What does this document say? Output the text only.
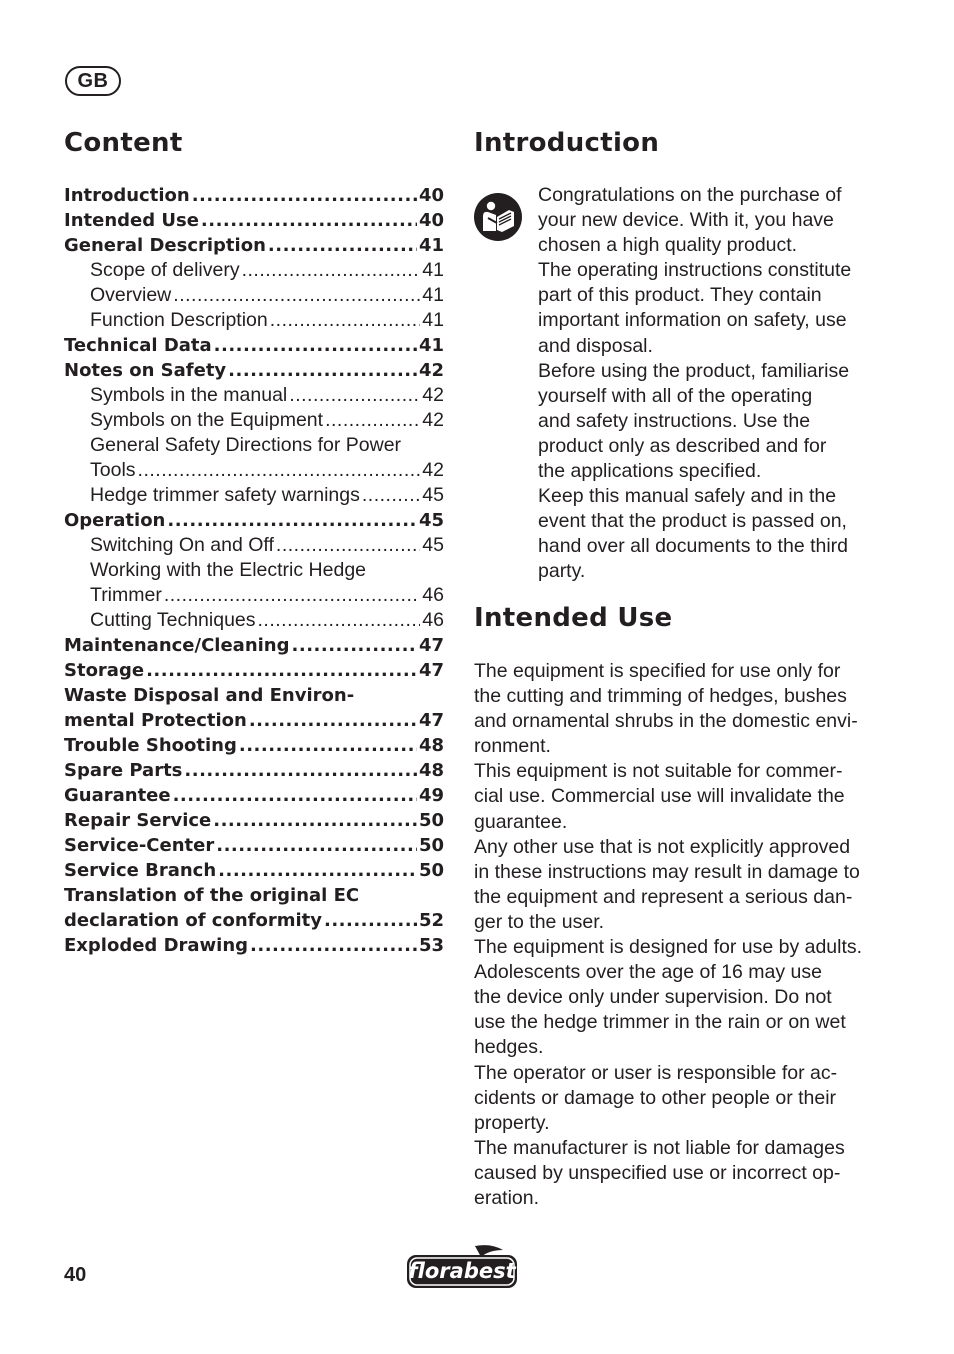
GB
Content
Introduction .....	40
Intended Use .....	40
General Description .....	41
Scope of delivery .....	41
Overview .....	41
Function Description .....	41
Technical Data .....	41
Notes on Safety .....	42
Symbols in the manual .....	42
Symbols on the Equipment .....	42
General Safety Directions for Power
Tools .....	42
Hedge trimmer safety warnings .....	45
Operation .....	45
Switching On and Off .....	45
Working with the Electric Hedge
Trimmer .....	46
Cutting Techniques .....	46
Maintenance/Cleaning .....	47
Storage .....	47
Waste Disposal and Environ-
mental Protection .....	47
Trouble Shooting .....	48
Spare Parts .....	48
Guarantee .....	49
Repair Service .....	50
Service-Center .....	50
Service Branch .....	50
Translation of the original EC
declaration of conformity .....	52
Exploded Drawing .....	53
Introduction
Congratulations on the purchase of
your new device. With it, you have
chosen a high quality product.
The operating instructions constitute
part of this product. They contain
important information on safety, use
and disposal.
Before using the product, familiarise
yourself with all of the operating
and safety instructions. Use the
product only as described and for
the applications specified.
Keep this manual safely and in the
event that the product is passed on,
hand over all documents to the third
party.
Intended Use
The equipment is specified for use only for
the cutting and trimming of hedges, bushes
and ornamental shrubs in the domestic envi-
ronment.
This equipment is not suitable for commer-
cial use. Commercial use will invalidate the
guarantee.
Any other use that is not explicitly approved
in these instructions may result in damage to
the equipment and represent a serious dan-
ger to the user.
The equipment is designed for use by adults.
Adolescents over the age of 16 may use
the device only under supervision. Do not
use the hedge trimmer in the rain or on wet
hedges.
The operator or user is responsible for ac-
cidents or damage to other people or their
property.
The manufacturer is not liable for damages
caused by unspecified use or incorrect op-
eration.
40	florabest
